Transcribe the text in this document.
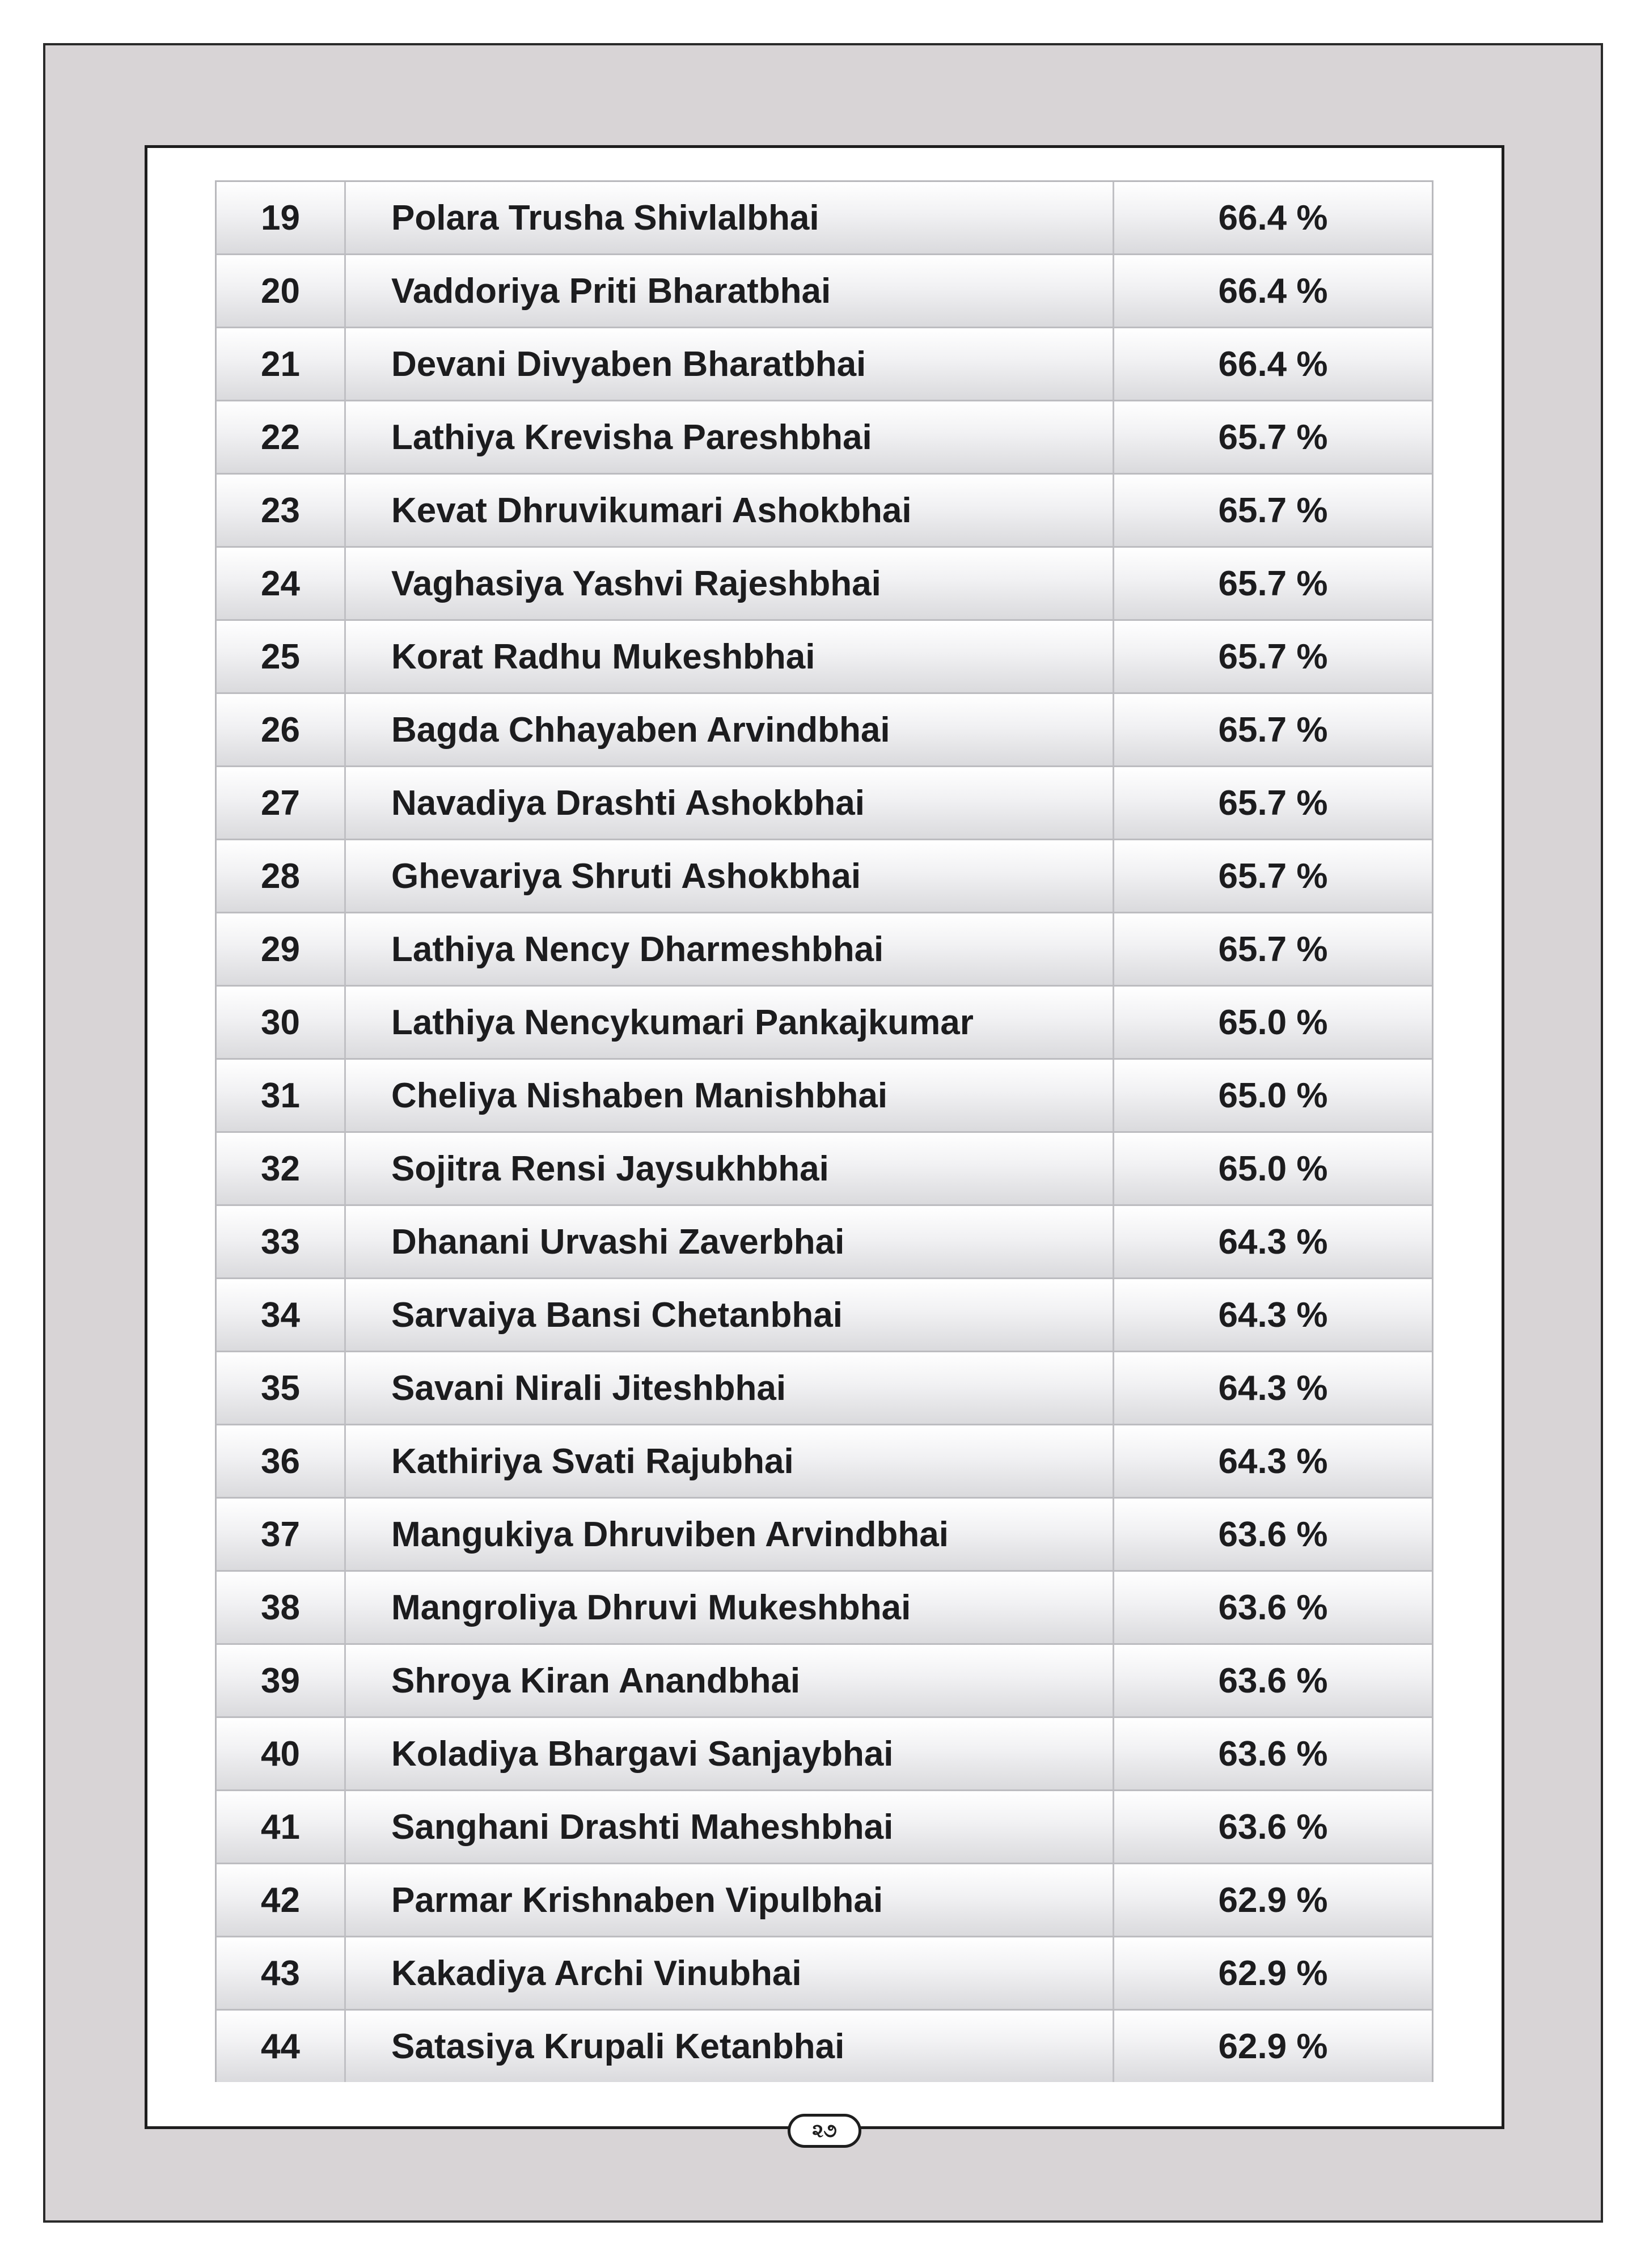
19	Polara Trusha Shivlalbhai	66.4 %
20	Vaddoriya Priti Bharatbhai	66.4 %
21	Devani Divyaben Bharatbhai	66.4 %
22	Lathiya Krevisha Pareshbhai	65.7 %
23	Kevat Dhruvikumari Ashokbhai	65.7 %
24	Vaghasiya Yashvi Rajeshbhai	65.7 %
25	Korat Radhu Mukeshbhai	65.7 %
26	Bagda Chhayaben Arvindbhai	65.7 %
27	Navadiya Drashti Ashokbhai	65.7 %
28	Ghevariya Shruti Ashokbhai	65.7 %
29	Lathiya Nency Dharmeshbhai	65.7 %
30	Lathiya Nencykumari Pankajkumar	65.0 %
31	Cheliya Nishaben Manishbhai	65.0 %
32	Sojitra Rensi Jaysukhbhai	65.0 %
33	Dhanani Urvashi Zaverbhai	64.3 %
34	Sarvaiya Bansi Chetanbhai	64.3 %
35	Savani Nirali Jiteshbhai	64.3 %
36	Kathiriya Svati Rajubhai	64.3 %
37	Mangukiya Dhruviben Arvindbhai	63.6 %
38	Mangroliya Dhruvi Mukeshbhai	63.6 %
39	Shroya Kiran Anandbhai	63.6 %
40	Koladiya Bhargavi Sanjaybhai	63.6 %
41	Sanghani Drashti Maheshbhai	63.6 %
42	Parmar Krishnaben Vipulbhai	62.9 %
43	Kakadiya Archi Vinubhai	62.9 %
44	Satasiya Krupali Ketanbhai	62.9 %
૨૭
